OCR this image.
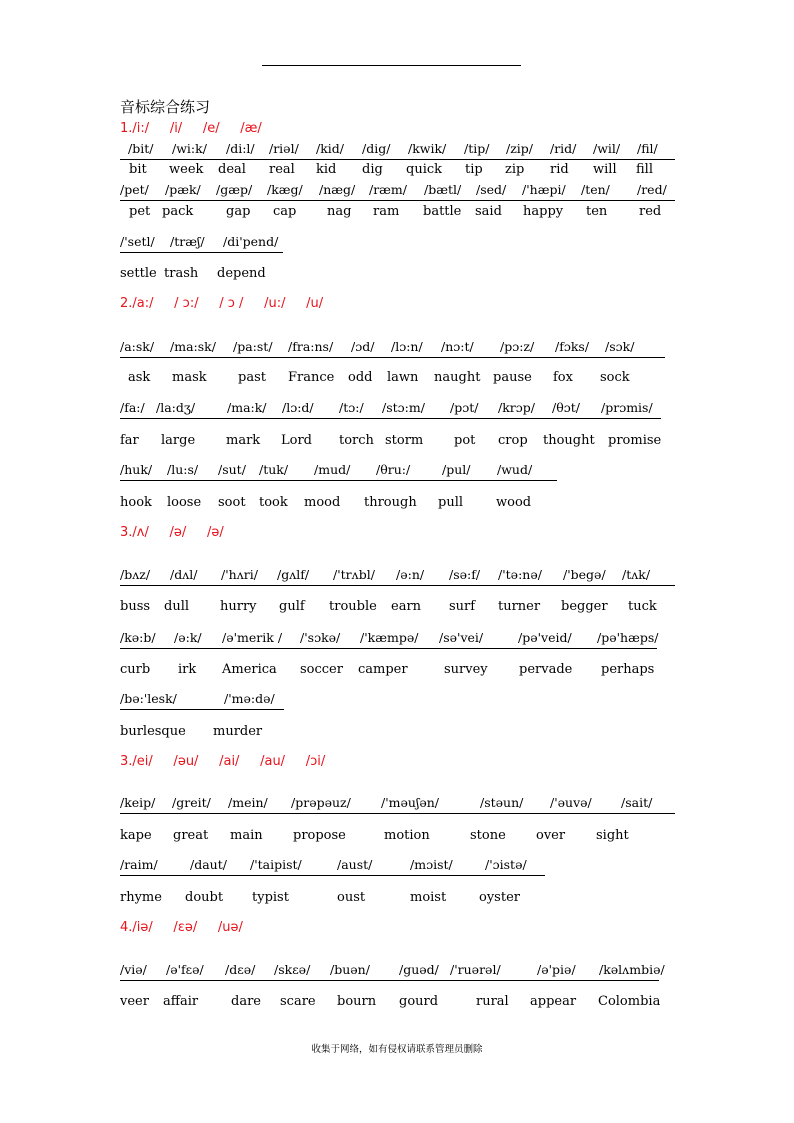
音标综合练习
1./i:/     /i/     /e/     /æ/
/bit/ /wi:k/ /di:l/ /riəl/ /kid/ /dig/ /kwik/ /tip/ /zip/ /rid/ /wil/ /fil/
bit week deal real kid dig quick tip zip rid will fill
/pet/ /pæk/ /gæp/ /kæg/ /næg/ /ræm/ /bætl/ /sed/ /'hæpi/ /ten/ /red/
pet pack	gap cap nag ram battle said happy ten red
/'setl/ /træʃ/ /di'pend/
settle trash depend
2./a:/     / ɔ:/     / ɔ /     /u:/     /u/
/a:sk/ /ma:sk/ /pa:st/ /fra:ns/ /ɔd/ /lɔ:n/ /nɔ:t/ /pɔ:z/ /fɔks/ /sɔk/
ask mask past France odd lawn naught pause fox sock
/fa:/ /la:dʒ/	/ma:k/ /lɔ:d/ /tɔ:/ /stɔ:m/ /pɔt/ /krɔp/ /θɔt/ /prɔmis/
far large mark Lord torch storm pot crop thought promise
/huk/ /lu:s/ /sut/ /tuk/ /mud/ /θru:/	/pul/ /wud/
hook loose soot took mood through pull	wood
3./ʌ/     /ə/     /ə/
/bʌz/ /dʌl/ /'hʌri/ /gʌlf/ /'trʌbl/ /ə:n/ /sə:f/ /'tə:nə/ /'begə/ /tʌk/
buss dull hurry gulf trouble earn surf turner begger tuck
/kə:b/ /ə:k/ /ə'merik / /'sɔkə/ /'kæmpə/ /sə'vei/	/pə'veid/ /pə'hæps/
curb irk America soccer camper	survey pervade perhaps
/bə:'lesk/	/'mə:də/
burlesque murder
3./ei/     /əu/     /ai/     /au/     /ɔi/
/keip/ /greit/ /mein/ /prəpəuz/ /'məuʃən/	/stəun/ /'əuvə/ /sait/
kape great main propose	motion	stone over sight
/raim/	/daut/ /'taipist/	/aust/	/mɔist/	/'ɔistə/
rhyme doubt typist	oust	moist	oyster
4./iə/     /ɛə/     /uə/
/viə/ /ə'fɛə/ /dɛə/ /skɛə/ /buən/ /guəd/ /'ruərəl/	/ə'piə/ /kəlʌmbiə/
veer affair	dare scare bourn gourd	rural appear Colombia
收集于网络，如有侵权请联系管理员删除
